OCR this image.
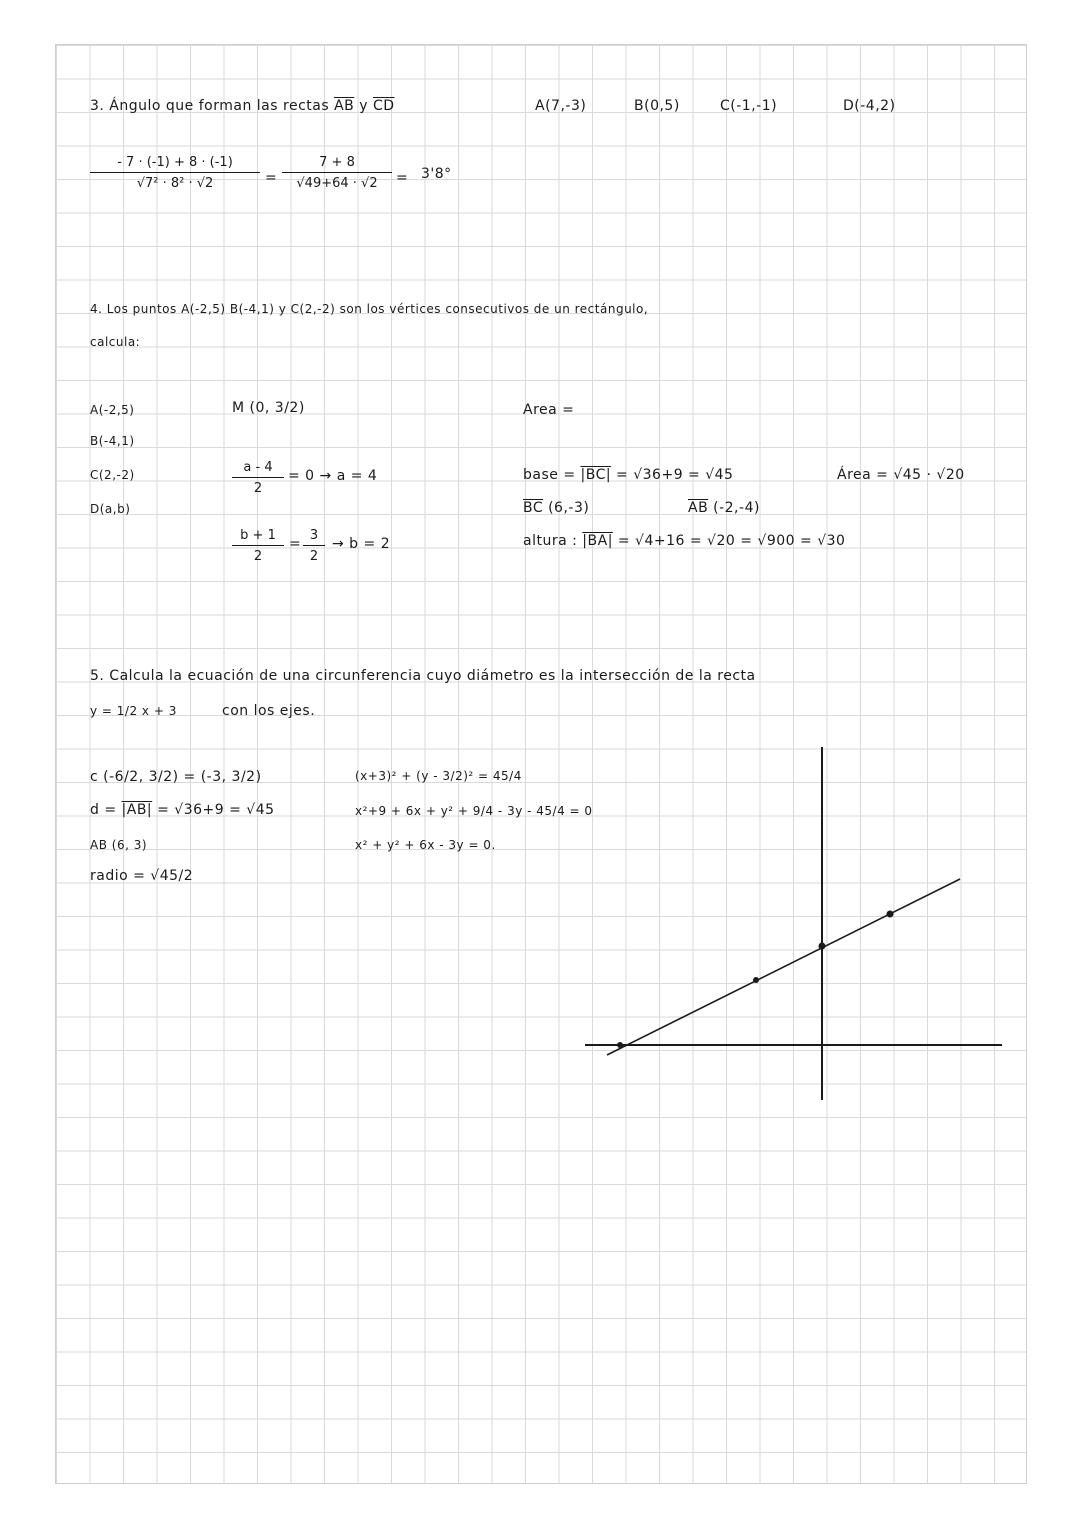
3. Ángulo que forman las rectas $\overline{AB}$ y $\overline{CD}$	A(7,-3)	B(0,5)	C(-1,-1)	D(-4,2)
$\frac{- 7 \cdot (-1) + 8 \cdot (-1)}{\text{√7² · 8² · √2}} = \frac{7 + 8}{√49+64 \cdot √2} = 3'8^\circ$
4. Los puntos A(-2,5) B(-4,1) y C(2,-2) son los vértices consecutivos de un rectángulo,
calcula:
A(-2,5)
B(-4,1)
C(2,-2)
D(a,b)
M (0, 3/2)
$\frac{a - 4}{2} = 0 \to a = 4$
$\frac{b + 1}{2} = \frac{3}{2} \to b = 2$
Area =
base = |BC| = √36+9 = √45	Área = √45 · √20
$\overline{BC}$ (6,-3)	$\overline{AB}$ (-2,-4)
altura : |BA| = √4+16 = √20 = √900 = √30
5. Calcula la ecuación de una circunferencia cuyo diámetro es la intersección de la recta
y = 1/2 x + 3	con los ejes.
c (-6/2, 3/2) = (-3, 3/2)
d = |AB| = √36+9 = √45
AB (6, 3)
radio = √45/2
(x+3)² + (y - 3/2)² = 45/4
x²+9 + 6x + y² + 9/4 - 3y - 45/4 = 0
x² + y² + 6x - 3y = 0.
